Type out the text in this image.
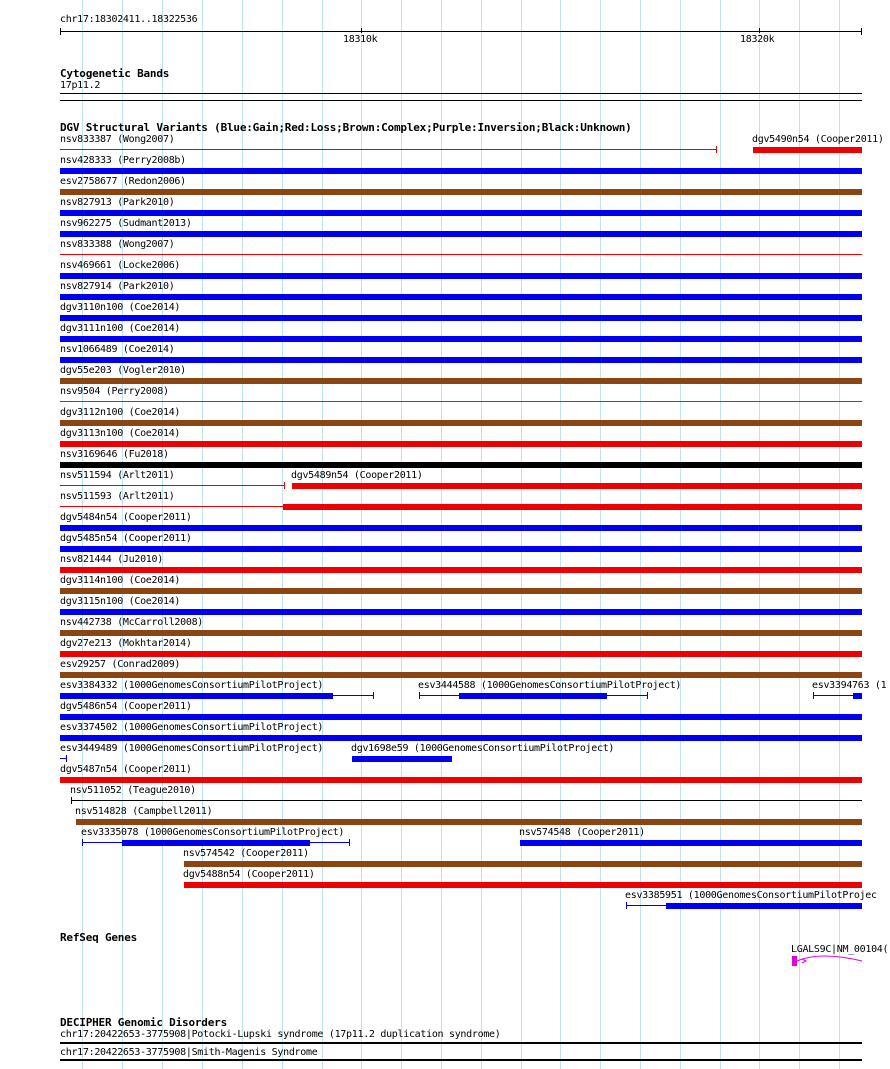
chr17:18302411..18322536
18310k	18320k
Cytogenetic Bands
17p11.2
DGV Structural Variants (Blue:Gain;Red:Loss;Brown:Complex;Purple:Inversion;Black:Unknown)
nsv833387 (Wong2007)	dgv5490n54 (Cooper2011)
nsv428333 (Perry2008b)
esv2758677 (Redon2006)
nsv827913 (Park2010)
nsv962275 (Sudmant2013)
nsv833388 (Wong2007)
nsv469661 (Locke2006)
nsv827914 (Park2010)
dgv3110n100 (Coe2014)
dgv3111n100 (Coe2014)
nsv1066489 (Coe2014)
dgv55e203 (Vogler2010)
nsv9504 (Perry2008)
dgv3112n100 (Coe2014)
dgv3113n100 (Coe2014)
nsv3169646 (Fu2018)
nsv511594 (Arlt2011)	dgv5489n54 (Cooper2011)
nsv511593 (Arlt2011)
dgv5484n54 (Cooper2011)
dgv5485n54 (Cooper2011)
nsv821444 (Ju2010)
dgv3114n100 (Coe2014)
dgv3115n100 (Coe2014)
nsv442738 (McCarroll2008)
dgv27e213 (Mokhtar2014)
esv29257 (Conrad2009)
esv3384332 (1000GenomesConsortiumPilotProject)	esv3444588 (1000GenomesConsortiumPilotProject)	esv3394763 (1
dgv5486n54 (Cooper2011)
esv3374502 (1000GenomesConsortiumPilotProject)
esv3449489 (1000GenomesConsortiumPilotProject)	dgv1698e59 (1000GenomesConsortiumPilotProject)
dgv5487n54 (Cooper2011)
nsv511052 (Teague2010)
nsv514828 (Campbell2011)
esv3335078 (1000GenomesConsortiumPilotProject)	nsv574548 (Cooper2011)
nsv574542 (Cooper2011)
dgv5488n54 (Cooper2011)
esv3385951 (1000GenomesConsortiumPilotProjec
RefSeq Genes
LGALS9C|NM_00104(
DECIPHER Genomic Disorders
chr17:20422653-3775908|Potocki-Lupski syndrome (17p11.2 duplication syndrome)
chr17:20422653-3775908|Smith-Magenis Syndrome
